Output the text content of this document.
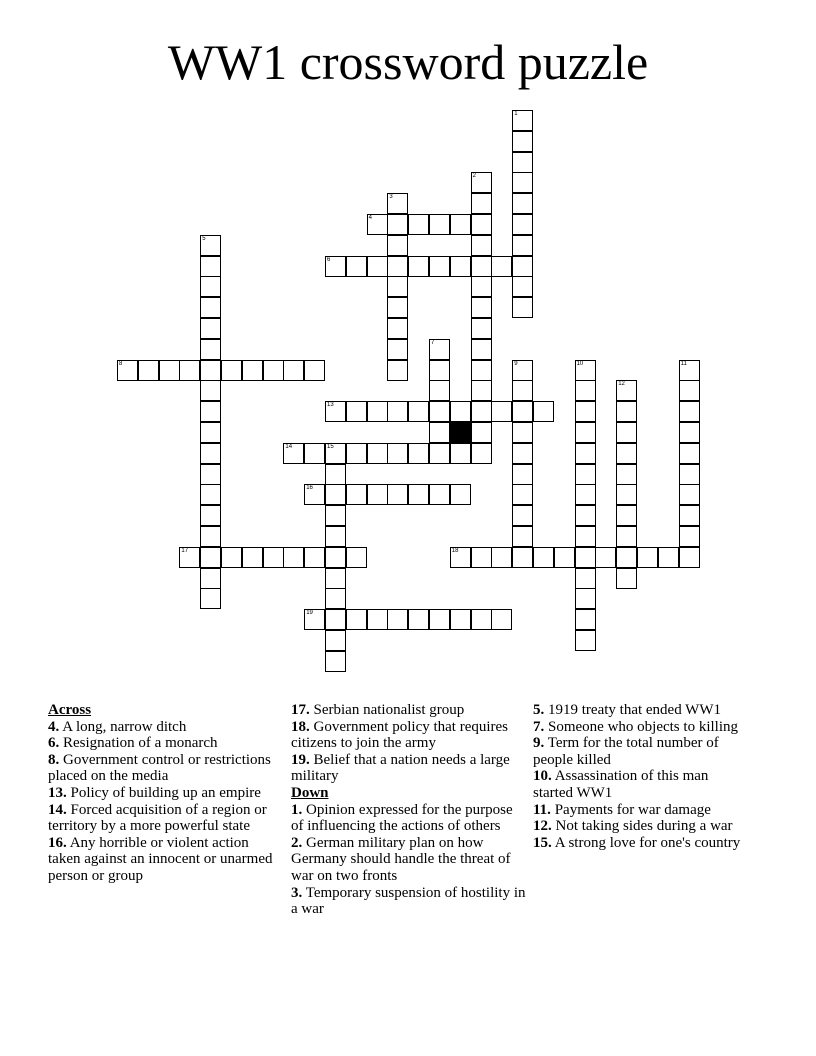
WW1 crossword puzzle
1
2
3
4
5
6
7
8	9	10	11
12
13
14	15
16
17	18
19
Across
4. A long, narrow ditch
6. Resignation of a monarch
8. Government control or restrictions placed on the media
13. Policy of building up an empire
14. Forced acquisition of a region or territory by a more powerful state
16. Any horrible or violent action taken against an innocent or unarmed person or group
17. Serbian nationalist group
18. Government policy that requires citizens to join the army
19. Belief that a nation needs a large military
Down
1. Opinion expressed for the purpose of influencing the actions of others
2. German military plan on how Germany should handle the threat of war on two fronts
3. Temporary suspension of hostility in a war
5. 1919 treaty that ended WW1
7. Someone who objects to killing
9. Term for the total number of people killed
10. Assassination of this man started WW1
11. Payments for war damage
12. Not taking sides during a war
15. A strong love for one's country
